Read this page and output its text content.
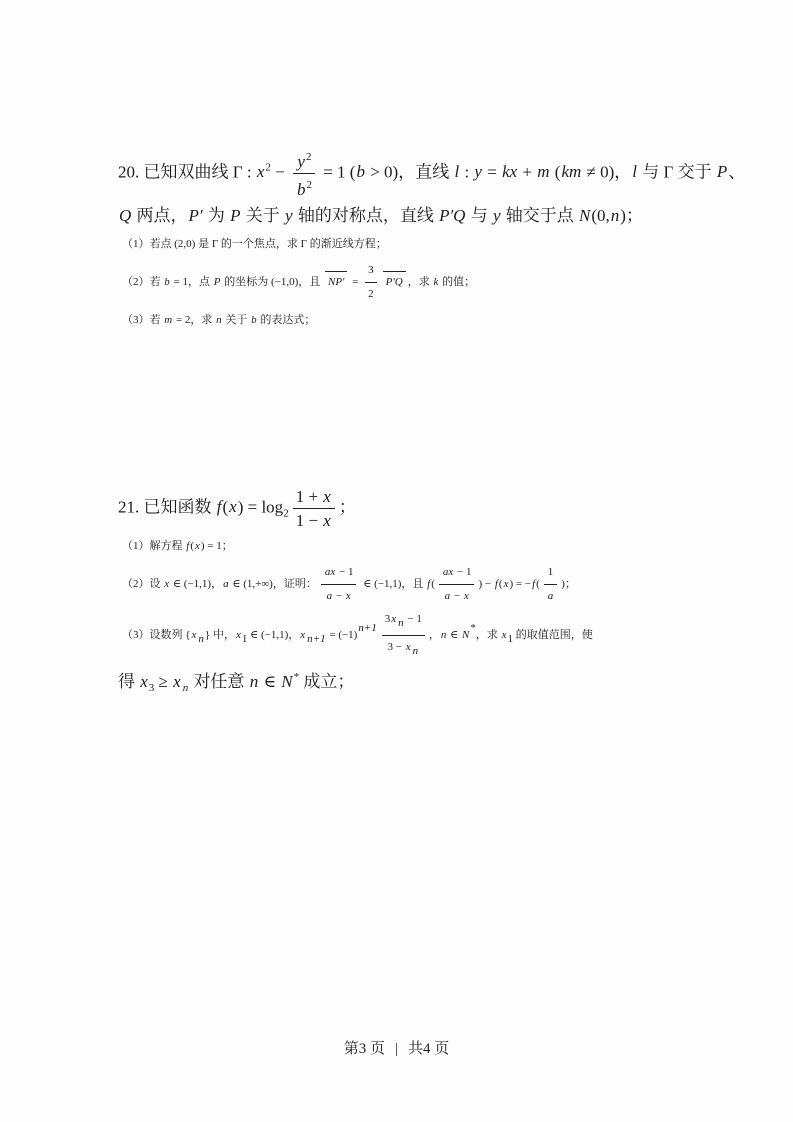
20. 已知双曲线 Γ : $x^2 - \frac{y^2}{b^2} = 1$ (b > 0)，直线 l : y = kx + m (km ≠ 0)，l 与 Γ 交于 P、

Q 两点，P′ 为 P 关于 y 轴的对称点，直线 P′Q 与 y 轴交于点 N(0,n)；

（1）若点 (2,0) 是 Γ 的一个焦点，求 Γ 的渐近线方程；

（2）若 b = 1，点 P 的坐标为 (−1,0)，且 $NP' = \frac{3}{2} P'Q$ ，求 k 的值；

（3）若 m = 2，求 n 关于 b 的表达式；

21. 已知函数 $f(x) = \log_2 \frac{1 + x}{1 - x}$ ；

（1）解方程 f(x) = 1；

（2）设 x ∈ (−1,1)，a ∈ (1,+∞)，证明： $\frac{ax - 1}{a - x}$ ∈ (−1,1)，且 $f( \frac{ax - 1}{a - x}$ ) − $f(x) = -f( \frac{1}{a}$ )；

（3）设数列 {x n} 中，x1 ∈ (−1,1)，x $n+1 = (-1)n+1 \frac{\text{3x n − 1}}{\text{3 − x n}}$ ，n ∈ N*，求 x1 的取值范围，使

得 $x_3 \ge x$ $_n$ 对任意 n ∈ N* 成立；

第3 页 | 共4 页
